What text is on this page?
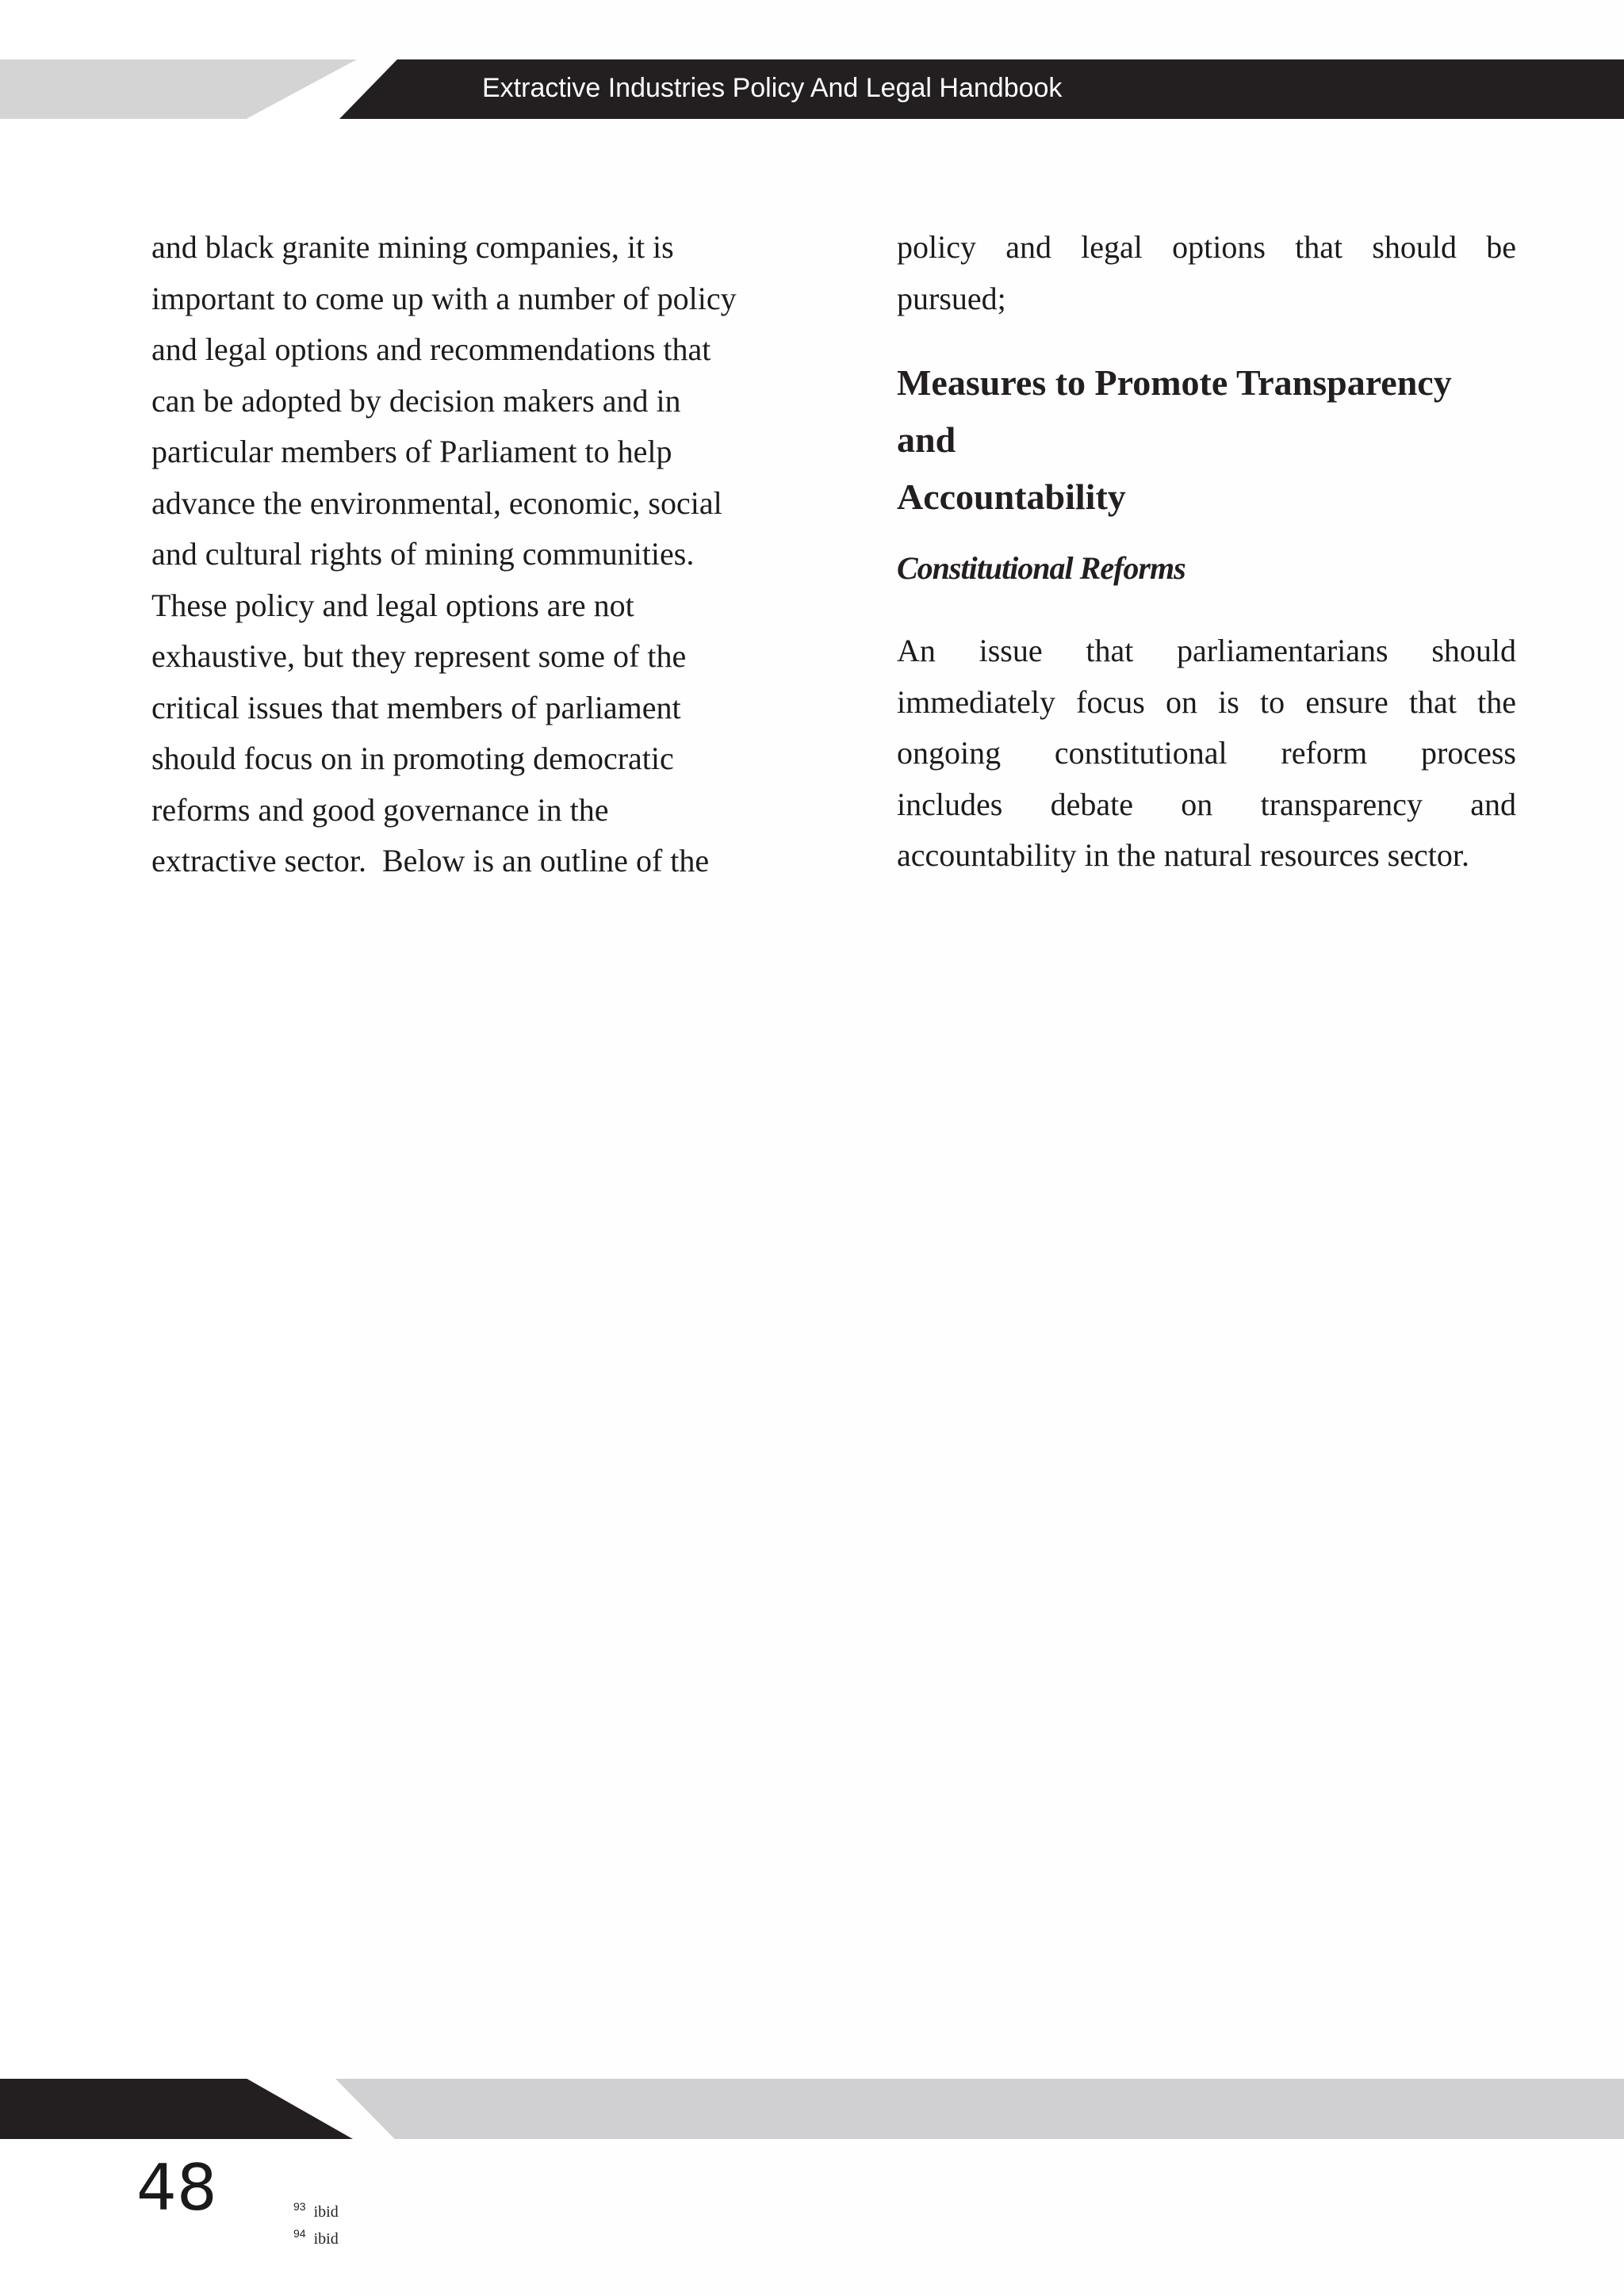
Extractive Industries Policy And Legal Handbook
and black granite mining companies, it is
important to come up with a number of policy
and legal options and recommendations that
can be adopted by decision makers and in
particular members of Parliament to help
advance the environmental, economic, social
and cultural rights of mining communities.
These policy and legal options are not
exhaustive, but they represent some of the
critical issues that members of parliament
should focus on in promoting democratic
reforms and good governance in the
extractive sector.  Below is an outline of the
policy and legal options that should be
pursued;
Measures to Promote Transparency and
Accountability
Constitutional Reforms
An issue that parliamentarians should
immediately focus on is to ensure that the
ongoing constitutional reform process
includes debate on transparency and
accountability in the natural resources sector.
48	$^{93}$ ibid
$^{94}$ ibid
